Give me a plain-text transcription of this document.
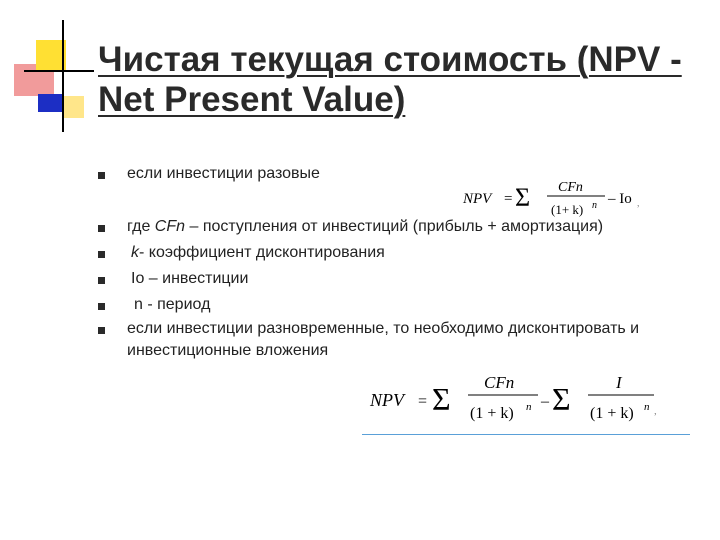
Чистая текущая стоимость (NPV - Net Present Value)
если инвестиции разовые
где CFn – поступления от инвестиций (прибыль + амортизация)
k- коэффициент дисконтирования
Io – инвестиции
n - период
если инвестиции разновременные, то необходимо дисконтировать и инвестиционные вложения
NPV = Σ CFn
(1+ k) n – Io ,
NPV = Σ CFn
(1 + k) n – Σ	I
(1 + k) n ,
